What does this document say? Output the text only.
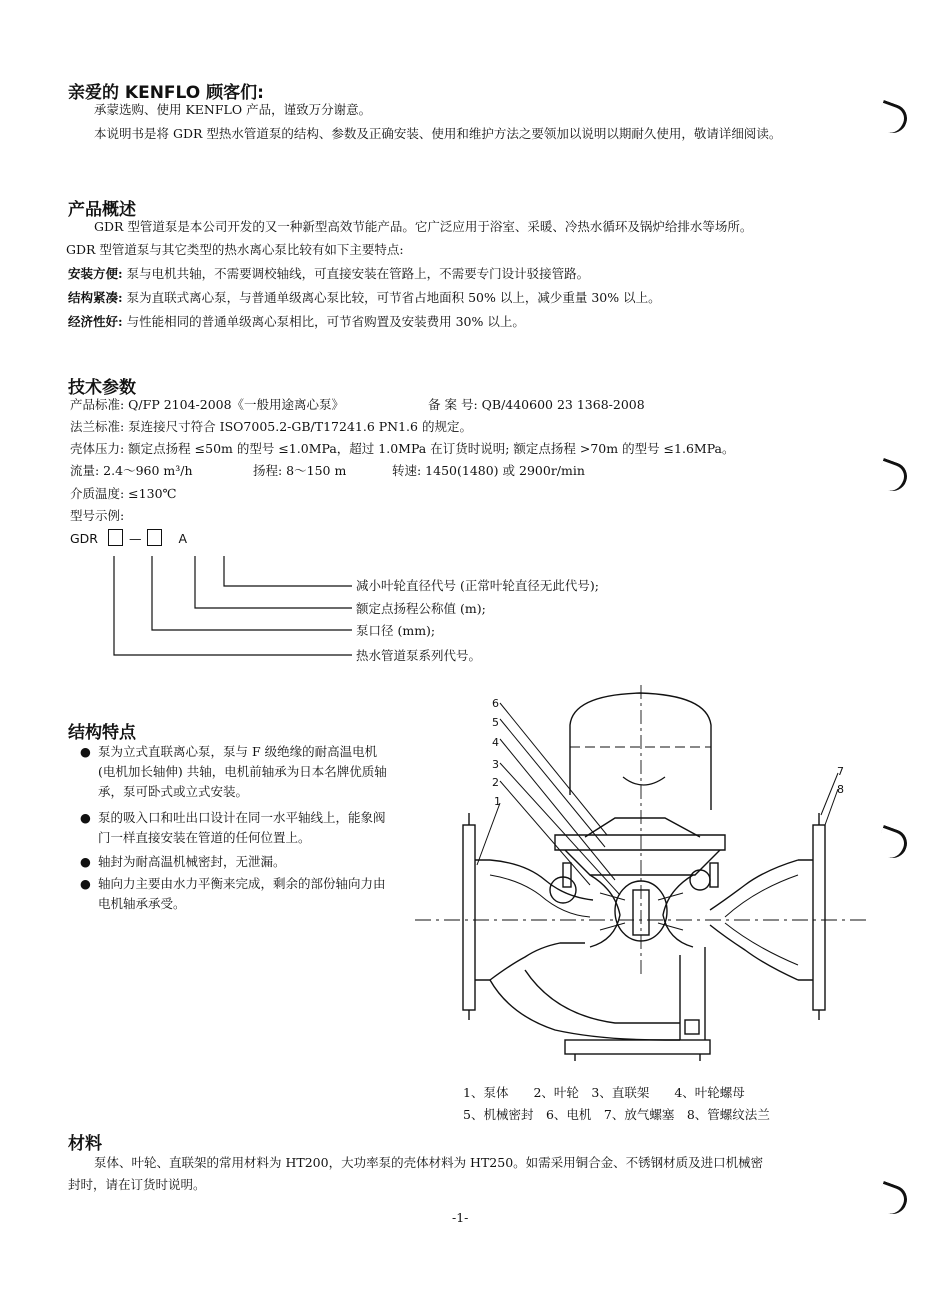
亲爱的 KENFLO 顾客们:
承蒙选购、使用 KENFLO 产品，谨致万分谢意。
本说明书是将 GDR 型热水管道泵的结构、参数及正确安装、使用和维护方法之要领加以说明以期耐久使用，敬请详细阅读。
产品概述
GDR 型管道泵是本公司开发的又一种新型高效节能产品。它广泛应用于浴室、采暖、冷热水循环及锅炉给排水等场所。
GDR 型管道泵与其它类型的热水离心泵比较有如下主要特点:
安装方便: 泵与电机共轴，不需要调校轴线，可直接安装在管路上，不需要专门设计驳接管路。
结构紧凑: 泵为直联式离心泵，与普通单级离心泵比较，可节省占地面积 50% 以上，减少重量 30% 以上。
经济性好: 与性能相同的普通单级离心泵相比，可节省购置及安装费用 30% 以上。
技术参数
产品标准: Q/FP 2104-2008《一般用途离心泵》	备 案 号: QB/440600 23 1368-2008
法兰标准: 泵连接尺寸符合 ISO7005.2-GB/T17241.6 PN1.6 的规定。
壳体压力: 额定点扬程 ≤50m 的型号 ≤1.0MPa，超过 1.0MPa 在订货时说明; 额定点扬程 >70m 的型号 ≤1.6MPa。
流量: 2.4～960 m³/h	扬程: 8～150 m	转速: 1450(1480) 或 2900r/min
介质温度: ≤130℃
型号示例:
GDR —	A
减小叶轮直径代号 (正常叶轮直径无此代号);
额定点扬程公称值 (m);
泵口径 (mm);
热水管道泵系列代号。
结构特点
● 泵为立式直联离心泵，泵与 F 级绝缘的耐高温电机
(电机加长轴伸) 共轴，电机前轴承为日本名牌优质轴
承，泵可卧式或立式安装。
● 泵的吸入口和吐出口设计在同一水平轴线上，能象阀
门一样直接安装在管道的任何位置上。
● 轴封为耐高温机械密封，无泄漏。
● 轴向力主要由水力平衡来完成，剩余的部份轴向力由
电机轴承承受。
6
5
4
3
2
1
7
8
1、泵体　　2、叶轮　3、直联架　　4、叶轮螺母
5、机械密封　6、电机　7、放气螺塞　8、管螺纹法兰
材料
泵体、叶轮、直联架的常用材料为 HT200，大功率泵的壳体材料为 HT250。如需采用铜合金、不锈钢材质及进口机械密
封时，请在订货时说明。
-1-
